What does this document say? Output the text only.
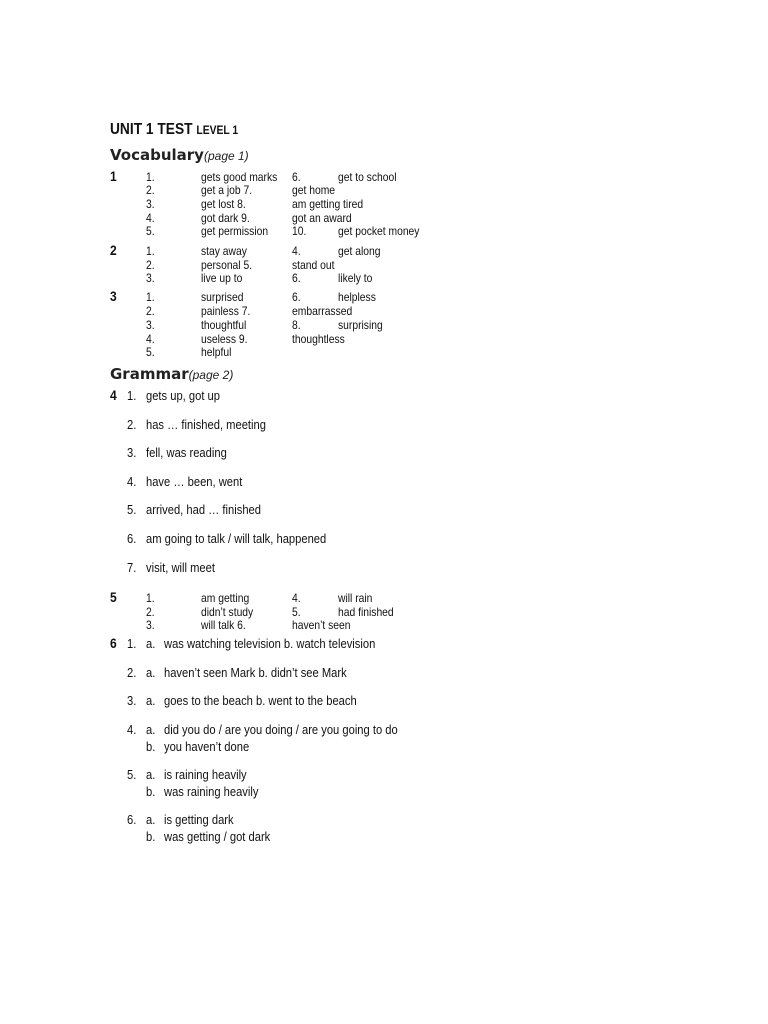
UNIT 1 TEST LEVEL 1
Vocabulary(page 1)
1 1.	gets good marks 6.	get to school
2.	get a job 7.	get home
3.	get lost 8.	am getting tired
4.	got dark 9.	got an award
5.	get permission 10.	get pocket money
2 1.	stay away	4.	get along
2.	personal 5.	stand out
3.	live up to	6.	likely to
3 1.	surprised	6.	helpless
2.	painless 7.	embarrassed
3.	thoughtful	8.	surprising
4.	useless 9.	thoughtless
5.	helpful
Grammar(page 2)
4 1. gets up, got up
2. has … finished, meeting
3. fell, was reading
4. have … been, went
5. arrived, had … finished
6. am going to talk / will talk, happened
7. visit, will meet
5 1.	am getting	4.	will rain
2.	didn’t study	5.	had finished
3.	will talk 6.	haven’t seen
6 1. a. was watching television b. watch television
2. a. haven’t seen Mark b. didn’t see Mark
3. a. goes to the beach b. went to the beach
4. a. did you do / are you doing / are you going to do
b. you haven’t done
5. a. is raining heavily
b. was raining heavily
6. a. is getting dark
b. was getting / got dark
